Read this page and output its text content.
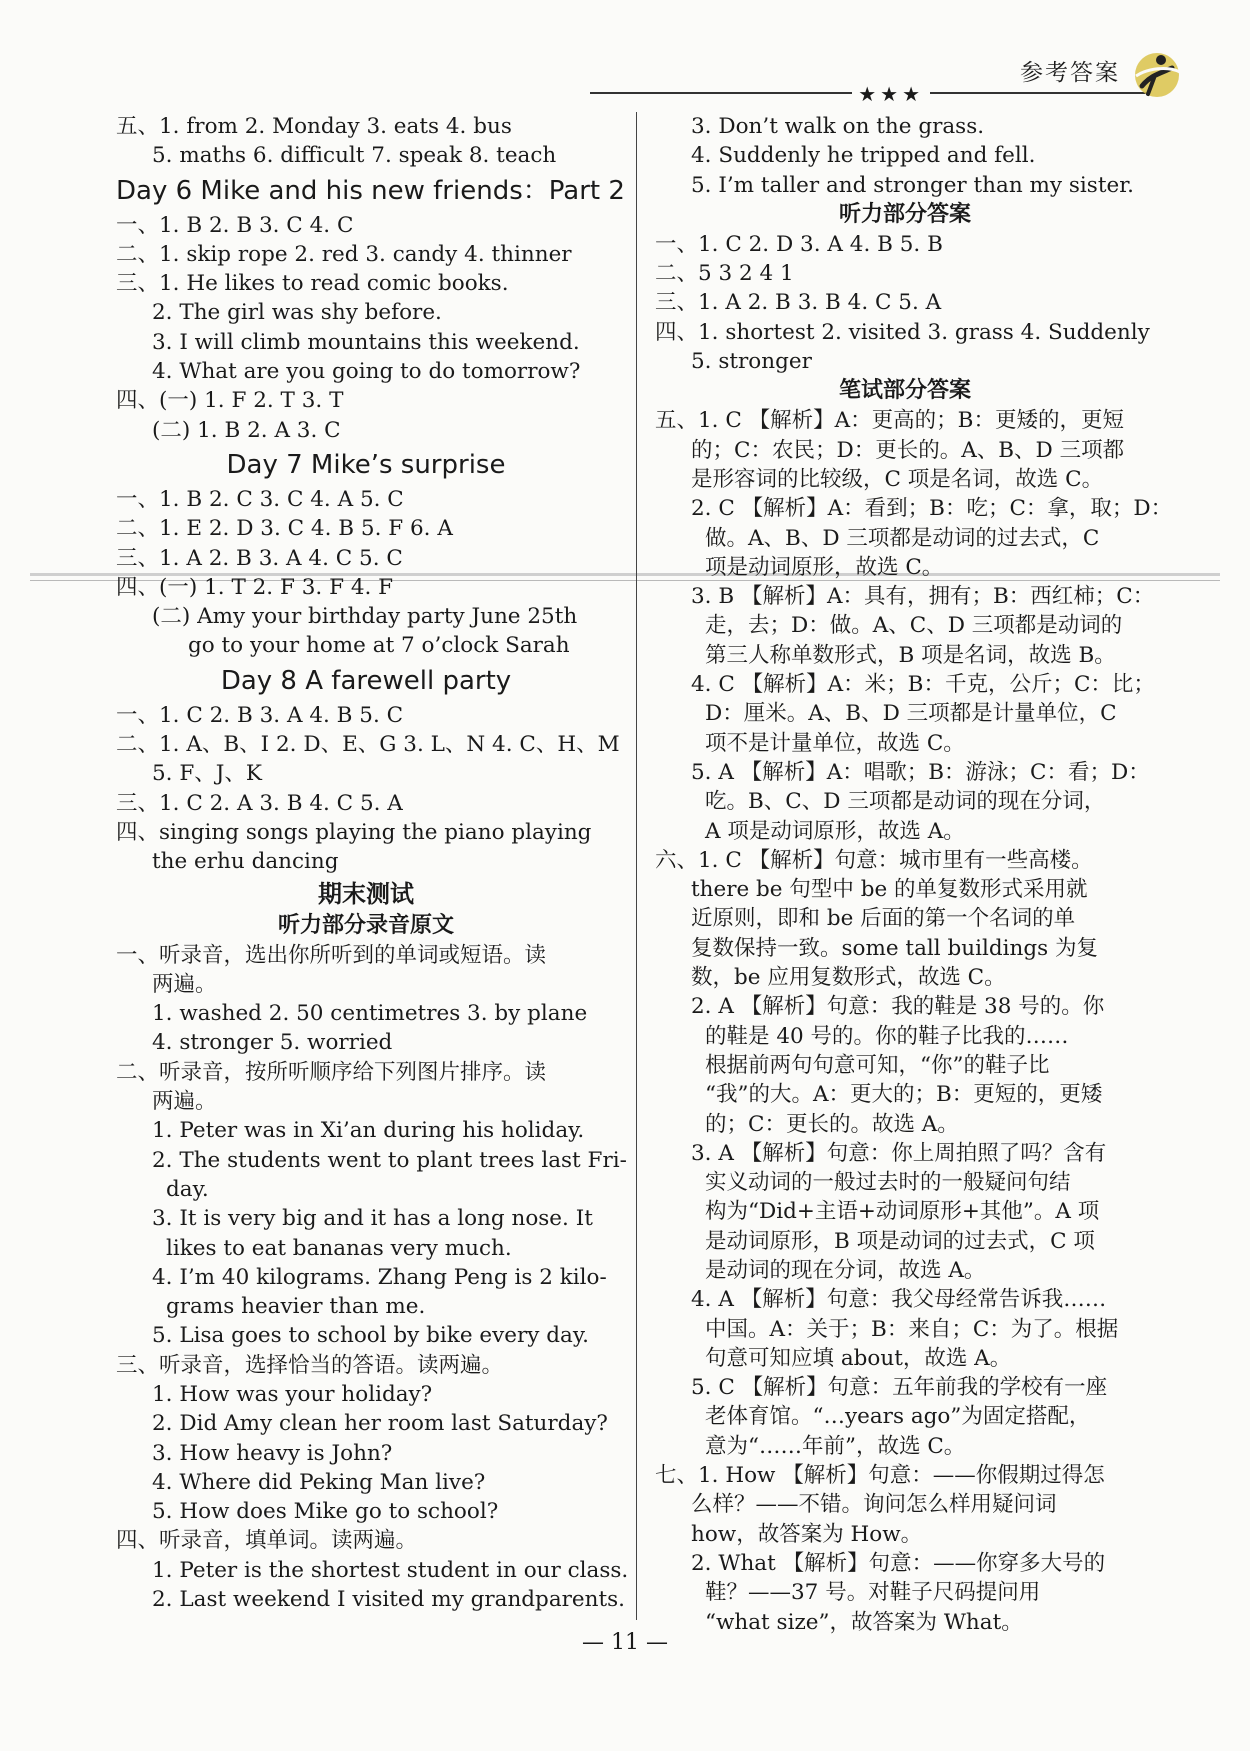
参考答案
★★★
五、1. from 2. Monday 3. eats 4. bus
5. maths 6. difficult 7. speak 8. teach
Day 6 Mike and his new friends：Part 2
一、1. B 2. B 3. C 4. C
二、1. skip rope 2. red 3. candy 4. thinner
三、1. He likes to read comic books.
2. The girl was shy before.
3. I will climb mountains this weekend.
4. What are you going to do tomorrow?
四、(一) 1. F 2. T 3. T
(二) 1. B 2. A 3. C
Day 7 Mike’s surprise
一、1. B 2. C 3. C 4. A 5. C
二、1. E 2. D 3. C 4. B 5. F 6. A
三、1. A 2. B 3. A 4. C 5. C
四、(一) 1. T 2. F 3. F 4. F
(二) Amy your birthday party June 25th
go to your home at 7 o’clock Sarah
Day 8 A farewell party
一、1. C 2. B 3. A 4. B 5. C
二、1. A、B、I 2. D、E、G 3. L、N 4. C、H、M
5. F、J、K
三、1. C 2. A 3. B 4. C 5. A
四、singing songs playing the piano playing
the erhu dancing
期末测试
听力部分录音原文
一、听录音，选出你所听到的单词或短语。读
两遍。
1. washed 2. 50 centimetres 3. by plane
4. stronger 5. worried
二、听录音，按所听顺序给下列图片排序。读
两遍。
1. Peter was in Xi’an during his holiday.
2. The students went to plant trees last Fri-
day.
3. It is very big and it has a long nose. It
likes to eat bananas very much.
4. I’m 40 kilograms. Zhang Peng is 2 kilo-
grams heavier than me.
5. Lisa goes to school by bike every day.
三、听录音，选择恰当的答语。读两遍。
1. How was your holiday?
2. Did Amy clean her room last Saturday?
3. How heavy is John?
4. Where did Peking Man live?
5. How does Mike go to school?
四、听录音，填单词。读两遍。
1. Peter is the shortest student in our class.
2. Last weekend I visited my grandparents.
3. Don’t walk on the grass.
4. Suddenly he tripped and fell.
5. I’m taller and stronger than my sister.
听力部分答案
一、1. C 2. D 3. A 4. B 5. B
二、5 3 2 4 1
三、1. A 2. B 3. B 4. C 5. A
四、1. shortest 2. visited 3. grass 4. Suddenly
5. stronger
笔试部分答案
五、1. C 【解析】A：更高的；B：更矮的，更短
的；C：农民；D：更长的。A、B、D 三项都
是形容词的比较级，C 项是名词，故选 C。
2. C 【解析】A：看到；B：吃；C：拿，取；D：
做。A、B、D 三项都是动词的过去式，C
项是动词原形，故选 C。
3. B 【解析】A：具有，拥有；B：西红柿；C：
走，去；D：做。A、C、D 三项都是动词的
第三人称单数形式，B 项是名词，故选 B。
4. C 【解析】A：米；B：千克，公斤；C：比；
D：厘米。A、B、D 三项都是计量单位，C
项不是计量单位，故选 C。
5. A 【解析】A：唱歌；B：游泳；C：看；D：
吃。B、C、D 三项都是动词的现在分词，
A 项是动词原形，故选 A。
六、1. C 【解析】句意：城市里有一些高楼。
there be 句型中 be 的单复数形式采用就
近原则，即和 be 后面的第一个名词的单
复数保持一致。some tall buildings 为复
数，be 应用复数形式，故选 C。
2. A 【解析】句意：我的鞋是 38 号的。你
的鞋是 40 号的。你的鞋子比我的……
根据前两句句意可知，“你”的鞋子比
“我”的大。A：更大的；B：更短的，更矮
的；C：更长的。故选 A。
3. A 【解析】句意：你上周拍照了吗？含有
实义动词的一般过去时的一般疑问句结
构为“Did+主语+动词原形+其他”。A 项
是动词原形，B 项是动词的过去式，C 项
是动词的现在分词，故选 A。
4. A 【解析】句意：我父母经常告诉我……
中国。A：关于；B：来自；C：为了。根据
句意可知应填 about，故选 A。
5. C 【解析】句意：五年前我的学校有一座
老体育馆。“…years ago”为固定搭配，
意为“……年前”，故选 C。
七、1. How 【解析】句意：——你假期过得怎
么样？——不错。询问怎么样用疑问词
how，故答案为 How。
2. What 【解析】句意：——你穿多大号的
鞋？——37 号。对鞋子尺码提问用
“what size”，故答案为 What。
— 11 —
